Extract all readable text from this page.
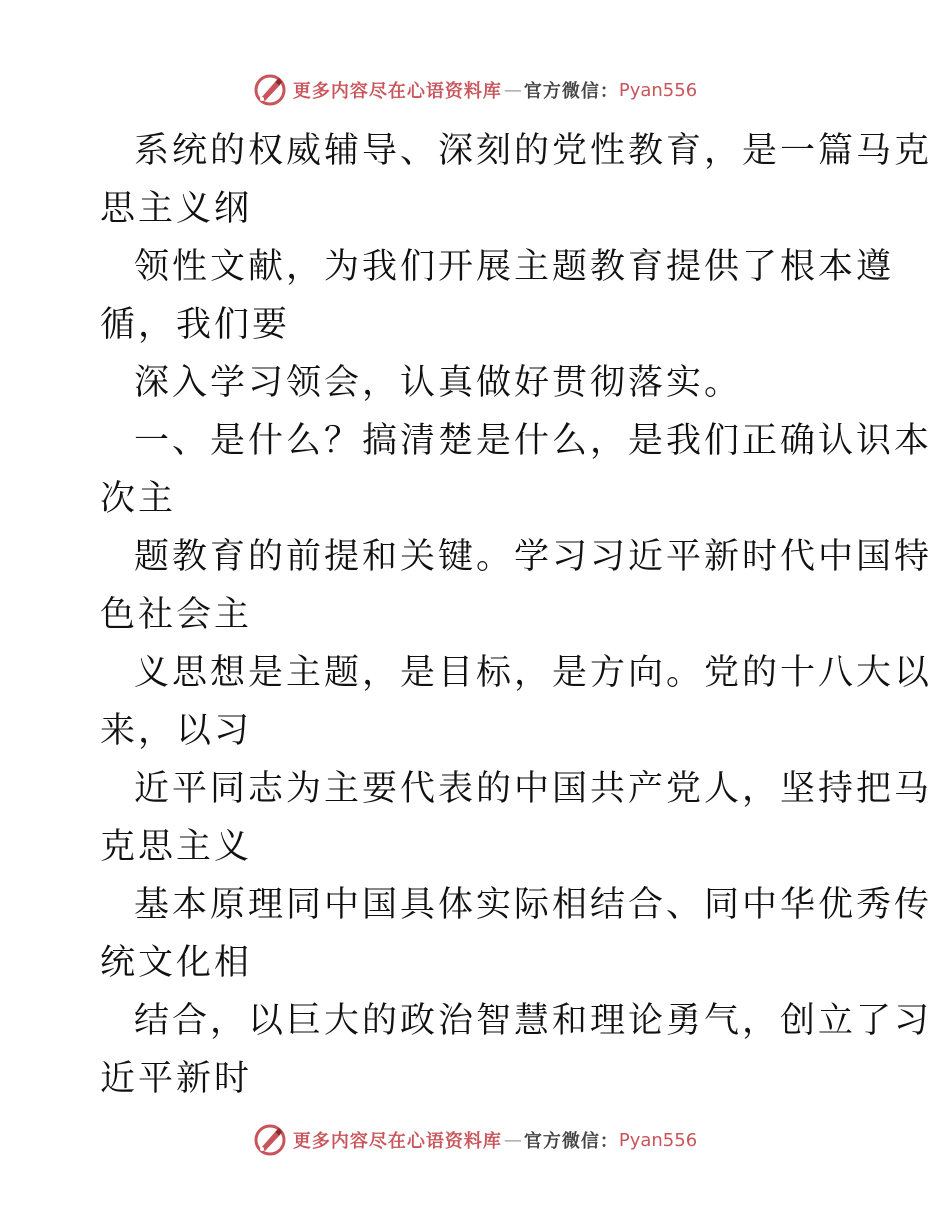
更多内容尽在心语资料库 — 官方微信： Pyan556
系统的权威辅导、深刻的党性教育，是一篇马克
思主义纲
领性文献，为我们开展主题教育提供了根本遵
循，我们要
深入学习领会，认真做好贯彻落实。
一、是什么？搞清楚是什么，是我们正确认识本
次主
题教育的前提和关键。学习习近平新时代中国特
色社会主
义思想是主题，是目标，是方向。党的十八大以
来，以习
近平同志为主要代表的中国共产党人，坚持把马
克思主义
基本原理同中国具体实际相结合、同中华优秀传
统文化相
结合，以巨大的政治智慧和理论勇气，创立了习
近平新时
更多内容尽在心语资料库 — 官方微信： Pyan556
